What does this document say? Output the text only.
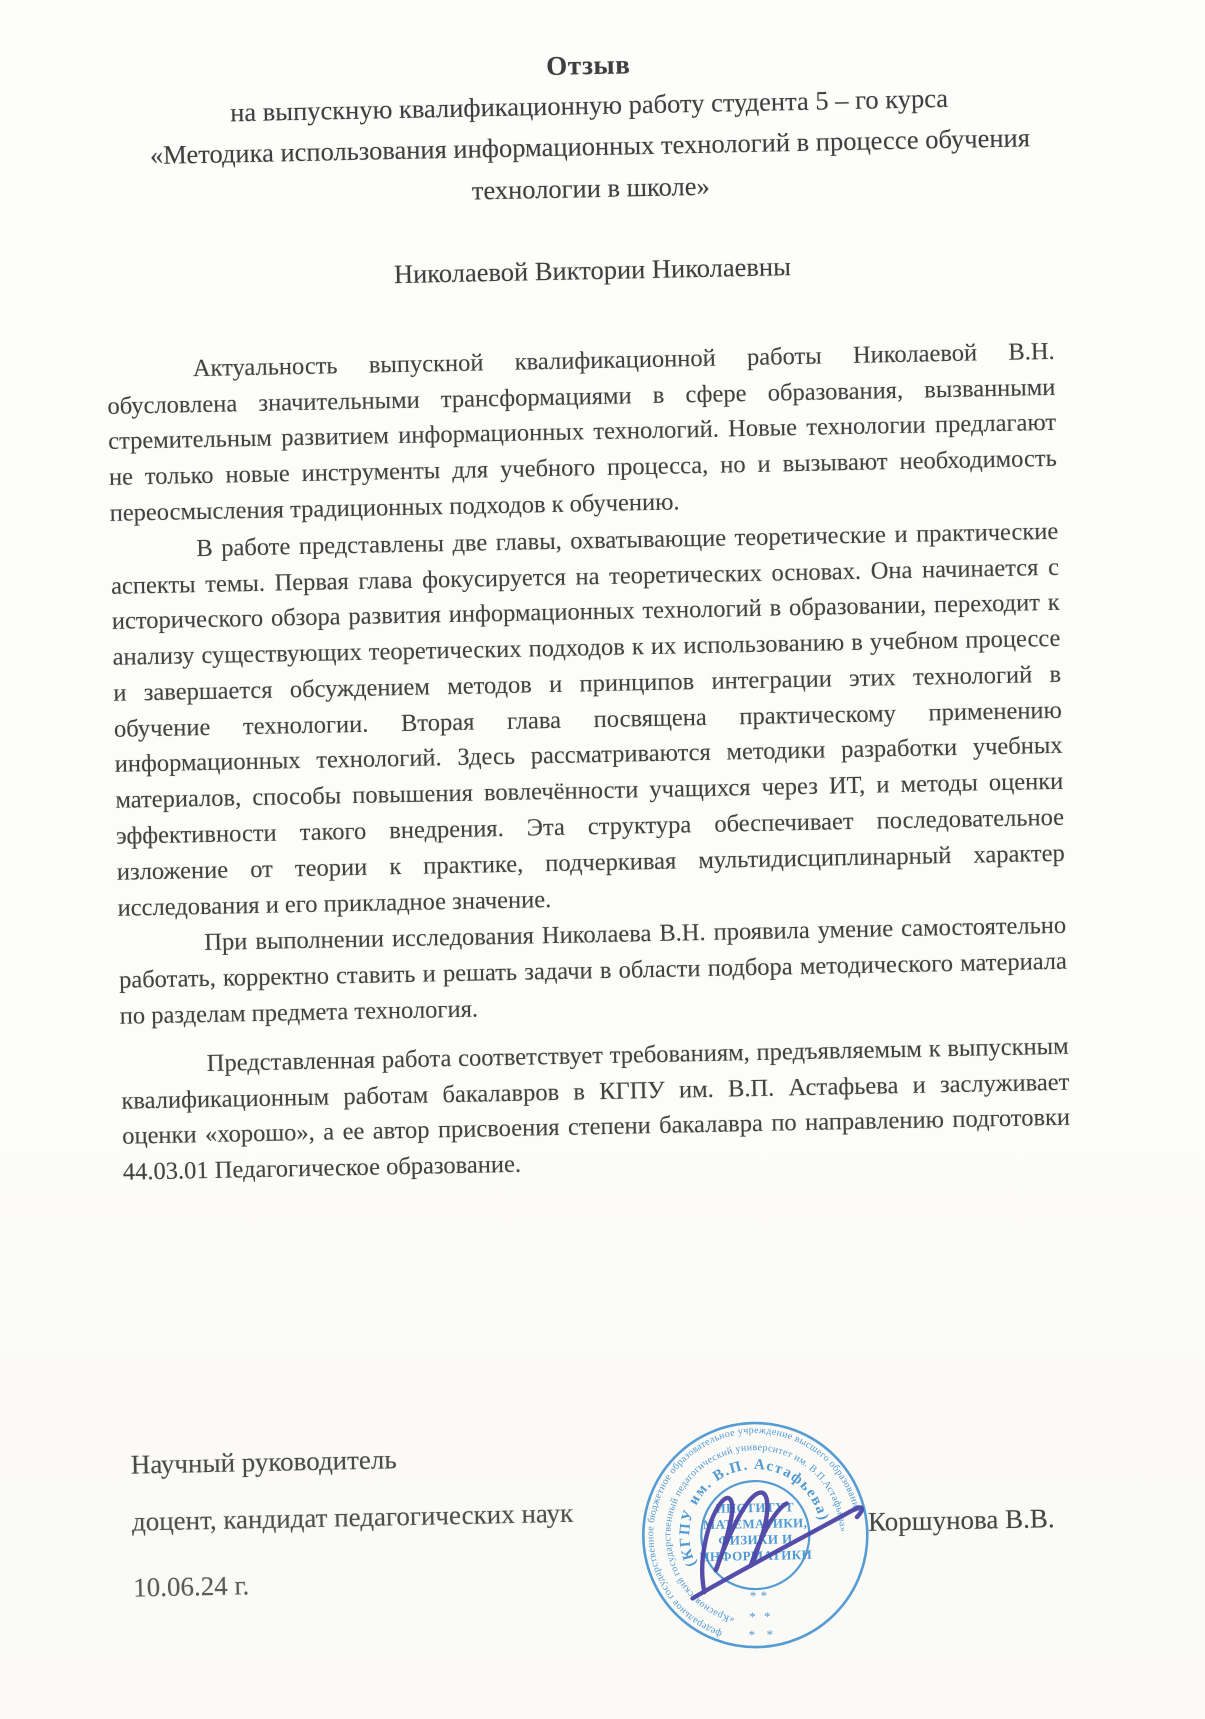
Отзыв
на выпускную квалификационную работу студента 5 – го курса
«Методика использования информационных технологий в процессе обучения технологии в школе»
Николаевой Виктории Николаевны

Актуальность выпускной квалификационной работы Николаевой В.Н. обусловлена значительными трансформациями в сфере образования, вызванными стремительным развитием информационных технологий. Новые технологии предлагают не только новые инструменты для учебного процесса, но и вызывают необходимость переосмысления традиционных подходов к обучению.

В работе представлены две главы, охватывающие теоретические и практические аспекты темы. Первая глава фокусируется на теоретических основах. Она начинается с исторического обзора развития информационных технологий в образовании, переходит к анализу существующих теоретических подходов к их использованию в учебном процессе и завершается обсуждением методов и принципов интеграции этих технологий в обучение технологии. Вторая глава посвящена практическому применению информационных технологий. Здесь рассматриваются методики разработки учебных материалов, способы повышения вовлечённости учащихся через ИТ, и методы оценки эффективности такого внедрения. Эта структура обеспечивает последовательное изложение от теории к практике, подчеркивая мультидисциплинарный характер исследования и его прикладное значение.

При выполнении исследования Николаева В.Н. проявила умение самостоятельно работать, корректно ставить и решать задачи в области подбора методического материала по разделам предмета технология.

Представленная работа соответствует требованиям, предъявляемым к выпускным квалификационным работам бакалавров в КГПУ им. В.П. Астафьева и заслуживает оценки «хорошо», а ее автор присвоения степени бакалавра по направлению подготовки 44.03.01 Педагогическое образование.

Научный руководитель
доцент, кандидат педагогических наук
10.06.24 г.
Коршунова В.В.
федеральное государственное бюджетное образовательное учреждение высшего образования
«Красноярский государственный педагогический университет им. В.П.Астафьева»
(КГПУ им. В.П. Астафьева)
ИНСТИТУТ
МАТЕМАТИКИ,
ФИЗИКИ И
ИНФОРМАТИКИ
*
*
*
*
*
*
